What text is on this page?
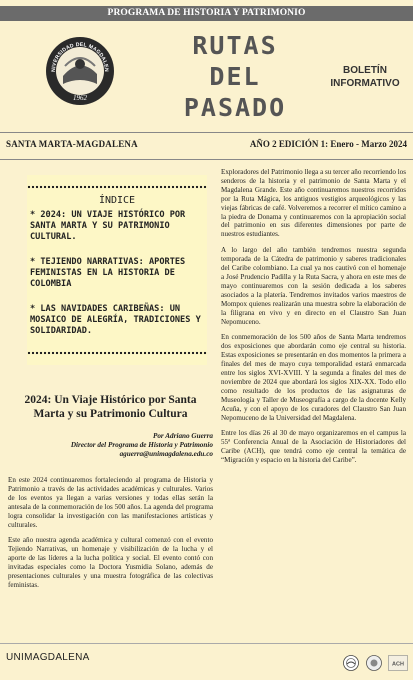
PROGRAMA DE HISTORIA Y PATRIMONIO
NIVERSIDAD DEL MAGDALEN
1962
RUTAS
DEL
PASADO
BOLETÍN
INFORMATIVO
SANTA MARTA-MAGDALENA	AÑO 2 EDICIÓN 1: Enero - Marzo 2024
ÍNDICE
* 2024: UN VIAJE HISTÓRICO POR SANTA MARTA Y SU PATRIMONIO CULTURAL.
* TEJIENDO NARRATIVAS: APORTES FEMINISTAS EN LA HISTORIA DE COLOMBIA
* LAS NAVIDADES CARIBEÑAS: UN MOSAICO DE ALEGRÍA, TRADICIONES Y SOLIDARIDAD.
2024: Un Viaje Histórico por Santa Marta y su Patrimonio Cultura
Por Adriano Guerra
Director del Programa de Historia y Patrimonio
aguerra@unimagdalena.edu.co

En este 2024 continuaremos fortaleciendo al programa de Historia y Patrimonio a través de las actividades académicas y culturales. Varios de los eventos ya llegan a varias versiones y todas ellas serán la antesala de la conmemoración de los 500 años. La agenda del programa logra consolidar la investigación con las manifestaciones artísticas y culturales.

Este año nuestra agenda académica y cultural comenzó con el evento Tejiendo Narrativas, un homenaje y visibilización de la lucha y el aporte de las líderes a la lucha política y social. El evento contó con invitadas especiales como la Doctora Yusmidia Solano, además de presentaciones culturales y una muestra fotográfica de las colectivas feministas.

Exploradores del Patrimonio llega a su tercer año recorriendo los senderos de la historia y el patrimonio de Santa Marta y el Magdalena Grande. Este año continuaremos nuestros recorridos por la Ruta Mágica, los antiguos vestigios arqueológicos y las viejas fábricas de café. Volveremos a recorrer el mítico camino a la piedra de Donama y continuaremos con la apropiación social del patrimonio en sus diferentes dimensiones por parte de nuestros estudiantes.

A lo largo del año también tendremos nuestra segunda temporada de la Cátedra de patrimonio y saberes tradicionales del Caribe colombiano. La cual ya nos cautivó con el homenaje a José Prudencio Padilla y la Ruta Sacra, y ahora en este mes de mayo continuaremos con la sesión dedicada a los saberes asociados a la platería. Tendremos invitados varios maestros de Mompox quienes realizarán una muestra sobre la elaboración de la filigrana en vivo y en directo en el Claustro San Juan Nepomuceno.

En conmemoración de los 500 años de Santa Marta tendremos dos exposiciones que abordarán como eje central su historia. Estas exposiciones se presentarán en dos momentos la primera a finales del mes de mayo cuya temporalidad estará enmarcada entre los siglos XVI-XVIII. Y la segunda a finales del mes de noviembre de 2024 que abordará los siglos XIX-XX. Todo ello como resultado de los productos de las asignaturas de Museología y Taller de Museografía a cargo de la docente Kelly Acuña, y con el apoyo de los curadores del Claustro San Juan Nepomuceno de la Universidad del Magdalena.

Entre los días 26 al 30 de mayo organizaremos en el campus la 55ª Conferencia Anual de la Asociación de Historiadores del Caribe (ACH), que tendrá como eje central la temática de “Migración y espacio en la historia del Caribe”.

UNIMAGDALENA
ACH
